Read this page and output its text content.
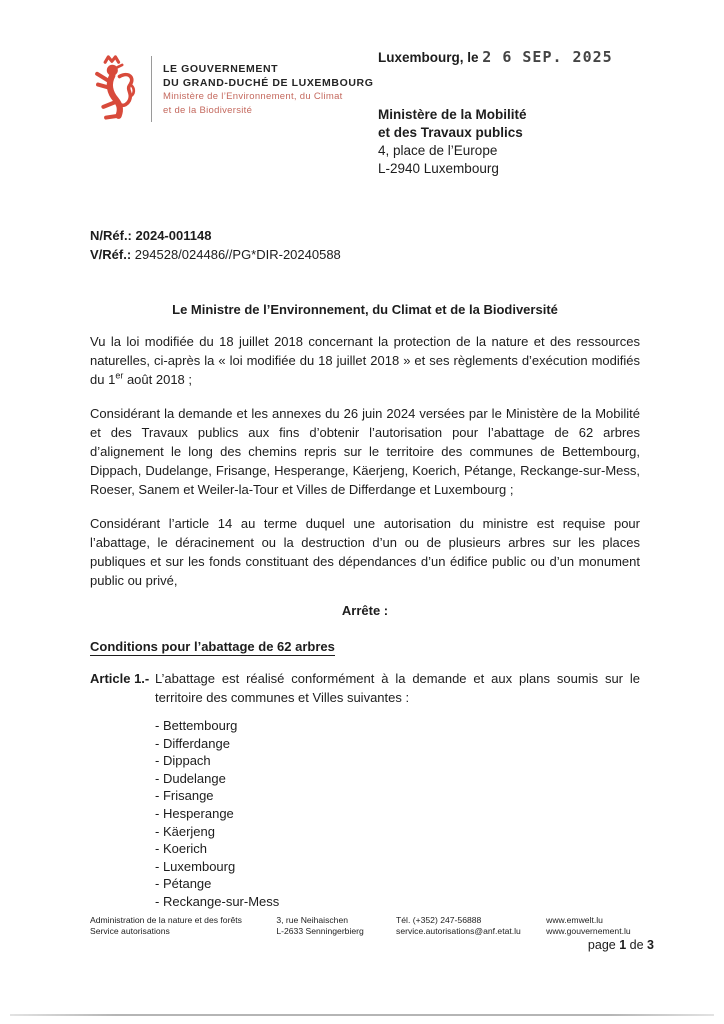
LE GOUVERNEMENT
DU GRAND-DUCHÉ DE LUXEMBOURG
Ministère de l’Environnement, du Climat
et de la Biodiversité
Luxembourg, le 2 6 SEP. 2025
Ministère de la Mobilité
et des Travaux publics
4, place de l’Europe
L-2940 Luxembourg
N/Réf.: 2024-001148
V/Réf.: 294528/024486//PG*DIR-20240588
Le Ministre de l’Environnement, du Climat et de la Biodiversité

Vu la loi modifiée du 18 juillet 2018 concernant la protection de la nature et des ressources naturelles, ci-après la « loi modifiée du 18 juillet 2018 » et ses règlements d’exécution modifiés du 1er août 2018 ;

Considérant la demande et les annexes du 26 juin 2024 versées par le Ministère de la Mobilité et des Travaux publics aux fins d’obtenir l’autorisation pour l’abattage de 62 arbres d’alignement le long des chemins repris sur le territoire des communes de Bettembourg, Dippach, Dudelange, Frisange, Hesperange, Käerjeng, Koerich, Pétange, Reckange-sur-Mess, Roeser, Sanem et Weiler-la-Tour et Villes de Differdange et Luxembourg ;

Considérant l’article 14 au terme duquel une autorisation du ministre est requise pour l’abattage, le déracinement ou la destruction d’un ou de plusieurs arbres sur les places publiques et sur les fonds constituant des dépendances d’un édifice public ou d’un monument public ou privé,

Arrête :
Conditions pour l’abattage de 62 arbres
Article 1.- L’abattage est réalisé conformément à la demande et aux plans soumis sur le territoire des communes et Villes suivantes :
- Bettembourg
- Differdange
- Dippach
- Dudelange
- Frisange
- Hesperange
- Käerjeng
- Koerich
- Luxembourg
- Pétange
- Reckange-sur-Mess
Administration de la nature et des forêts
Service autorisations
3, rue Neihaischen
L-2633 Senningerbierg
Tél. (+352) 247-56888
service.autorisations@anf.etat.lu
www.emwelt.lu
www.gouvernement.lu
page 1 de 3
